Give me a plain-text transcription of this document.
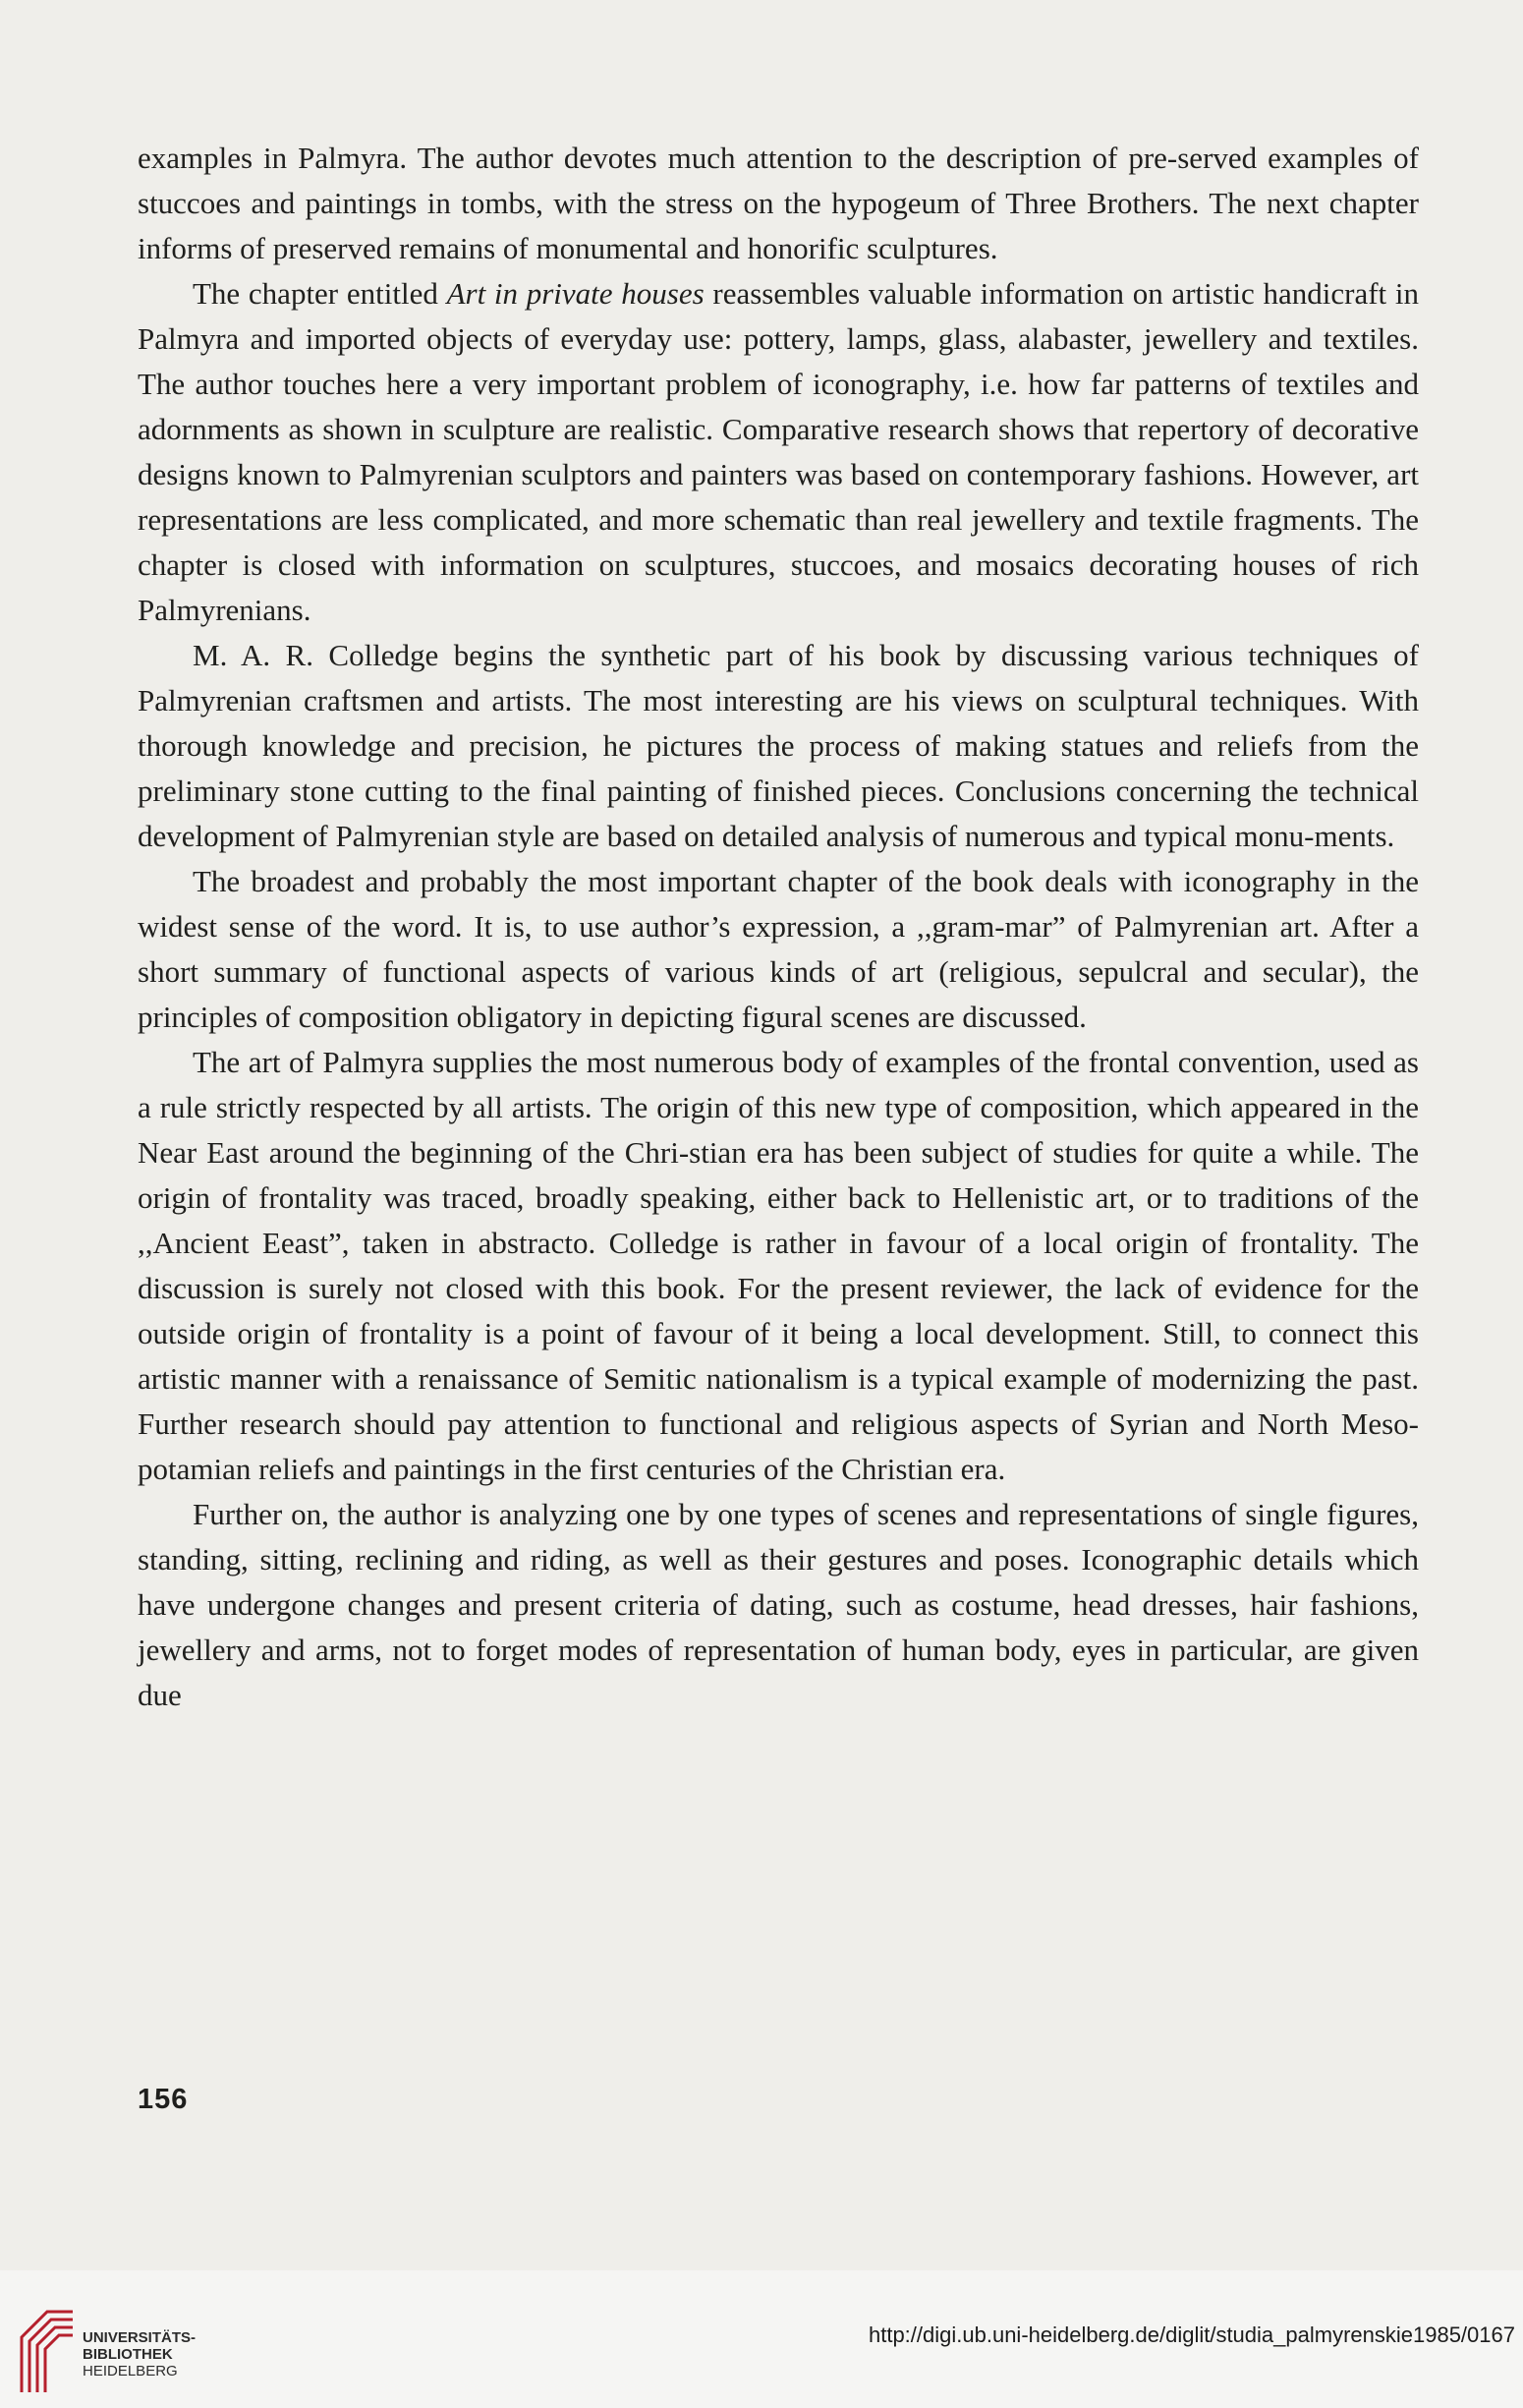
examples in Palmyra. The author devotes much attention to the description of pre-served examples of stuccoes and paintings in tombs, with the stress on the hypogeum of Three Brothers. The next chapter informs of preserved remains of monumental and honorific sculptures.

The chapter entitled Art in private houses reassembles valuable information on artistic handicraft in Palmyra and imported objects of everyday use: pottery, lamps, glass, alabaster, jewellery and textiles. The author touches here a very important problem of iconography, i.e. how far patterns of textiles and adornments as shown in sculpture are realistic. Comparative research shows that repertory of decorative designs known to Palmyrenian sculptors and painters was based on contemporary fashions. However, art representations are less complicated, and more schematic than real jewellery and textile fragments. The chapter is closed with information on sculptures, stuccoes, and mosaics decorating houses of rich Palmyrenians.

M. A. R. Colledge begins the synthetic part of his book by discussing various techniques of Palmyrenian craftsmen and artists. The most interesting are his views on sculptural techniques. With thorough knowledge and precision, he pictures the process of making statues and reliefs from the preliminary stone cutting to the final painting of finished pieces. Conclusions concerning the technical development of Palmyrenian style are based on detailed analysis of numerous and typical monu-ments.

The broadest and probably the most important chapter of the book deals with iconography in the widest sense of the word. It is, to use author’s expression, a ,,gram-mar” of Palmyrenian art. After a short summary of functional aspects of various kinds of art (religious, sepulcral and secular), the principles of composition obligatory in depicting figural scenes are discussed.

The art of Palmyra supplies the most numerous body of examples of the frontal convention, used as a rule strictly respected by all artists. The origin of this new type of composition, which appeared in the Near East around the beginning of the Chri-stian era has been subject of studies for quite a while. The origin of frontality was traced, broadly speaking, either back to Hellenistic art, or to traditions of the ,,Ancient Eeast”, taken in abstracto. Colledge is rather in favour of a local origin of frontality. The discussion is surely not closed with this book. For the present reviewer, the lack of evidence for the outside origin of frontality is a point of favour of it being a local development. Still, to connect this artistic manner with a renaissance of Semitic nationalism is a typical example of modernizing the past. Further research should pay attention to functional and religious aspects of Syrian and North Meso-potamian reliefs and paintings in the first centuries of the Christian era.

Further on, the author is analyzing one by one types of scenes and representations of single figures, standing, sitting, reclining and riding, as well as their gestures and poses. Iconographic details which have undergone changes and present criteria of dating, such as costume, head dresses, hair fashions, jewellery and arms, not to forget modes of representation of human body, eyes in particular, are given due

156
UNIVERSITÄTS-
BIBLIOTHEK
HEIDELBERG
http://digi.ub.uni-heidelberg.de/diglit/studia_palmyrenskie1985/0167
